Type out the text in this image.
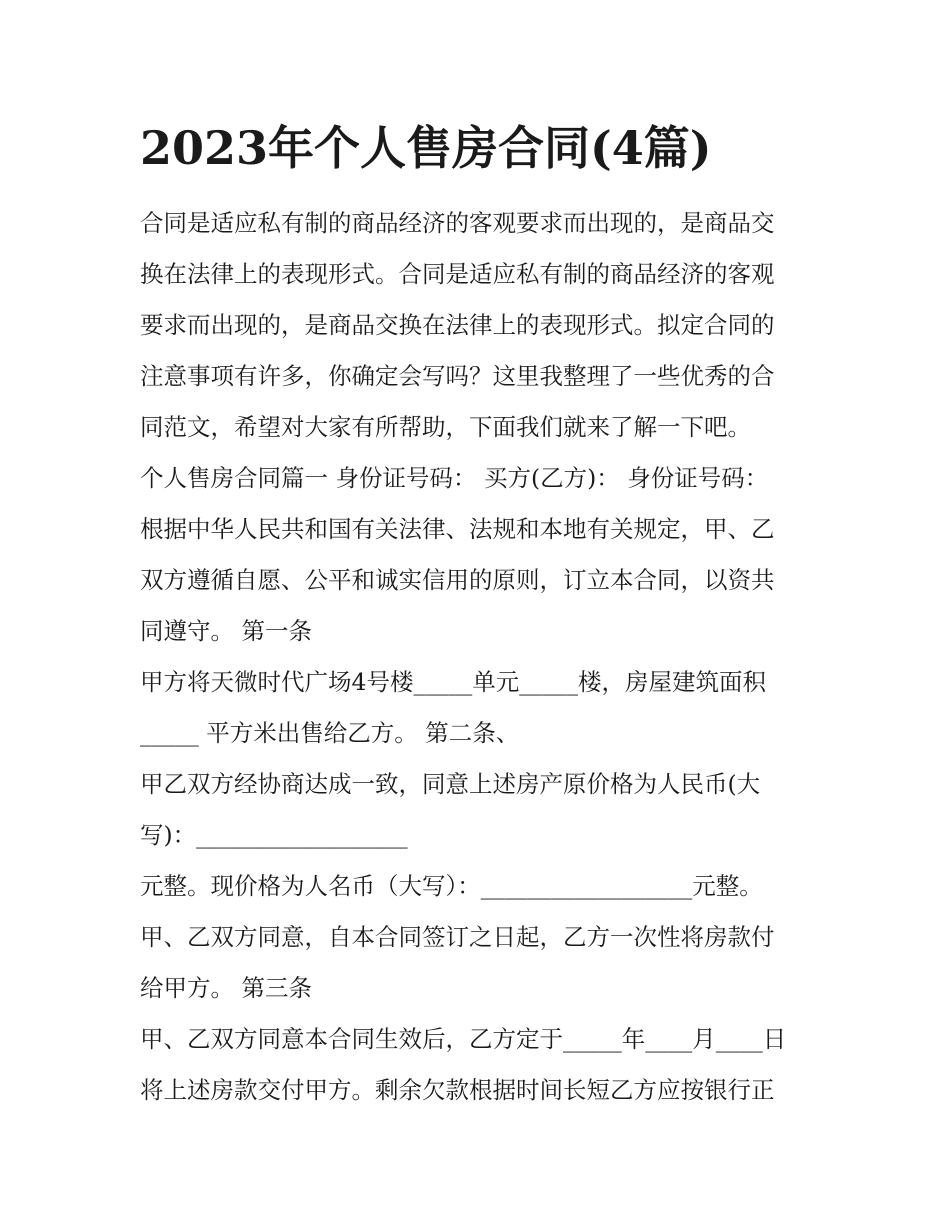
2023年个人售房合同(4篇)
合同是适应私有制的商品经济的客观要求而出现的，是商品交
换在法律上的表现形式。合同是适应私有制的商品经济的客观
要求而出现的，是商品交换在法律上的表现形式。拟定合同的
注意事项有许多，你确定会写吗？这里我整理了一些优秀的合
同范文，希望对大家有所帮助，下面我们就来了解一下吧。
个人售房合同篇一 身份证号码： 买方(乙方)： 身份证号码：
根据中华人民共和国有关法律、法规和本地有关规定，甲、乙
双方遵循自愿、公平和诚实信用的原则，订立本合同，以资共
同遵守。 第一条
甲方将天微时代广场4号楼_____单元_____楼，房屋建筑面积
_____ 平方米出售给乙方。 第二条、
甲乙双方经协商达成一致，同意上述房产原价格为人民币(大
写)：__________________
元整。现价格为人名币（大写）：__________________元整。
甲、乙双方同意，自本合同签订之日起，乙方一次性将房款付
给甲方。 第三条
甲、乙双方同意本合同生效后，乙方定于_____年____月____日
将上述房款交付甲方。剩余欠款根据时间长短乙方应按银行正
